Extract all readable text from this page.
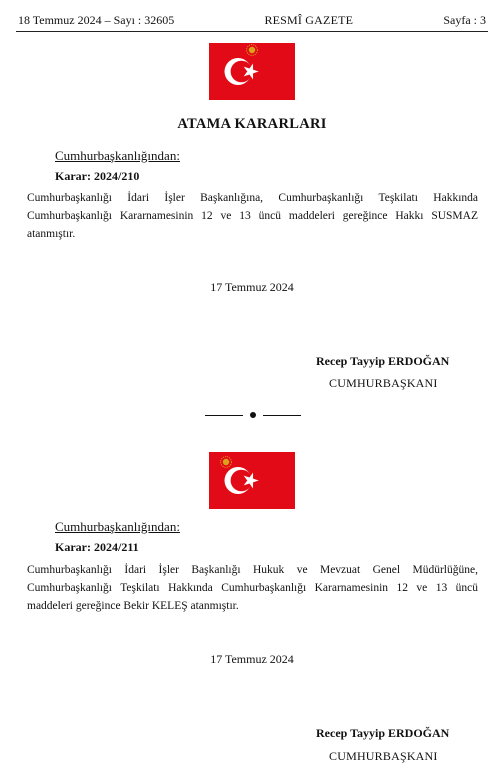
18 Temmuz 2024 – Sayı : 32605	RESMÎ GAZETE	Sayfa : 3
ATAMA KARARLARI
Cumhurbaşkanlığından:
Karar: 2024/210
Cumhurbaşkanlığı İdari İşler Başkanlığına, Cumhurbaşkanlığı Teşkilatı Hakkında Cumhurbaşkanlığı Kararnamesinin 12 ve 13 üncü maddeleri gereğince Hakkı SUSMAZ atanmıştır.
17 Temmuz 2024
Recep Tayyip ERDOĞAN
CUMHURBAŞKANI
Cumhurbaşkanlığından:
Karar: 2024/211
Cumhurbaşkanlığı İdari İşler Başkanlığı Hukuk ve Mevzuat Genel Müdürlüğüne, Cumhurbaşkanlığı Teşkilatı Hakkında Cumhurbaşkanlığı Kararnamesinin 12 ve 13 üncü maddeleri gereğince Bekir KELEŞ atanmıştır.
17 Temmuz 2024
Recep Tayyip ERDOĞAN
CUMHURBAŞKANI
